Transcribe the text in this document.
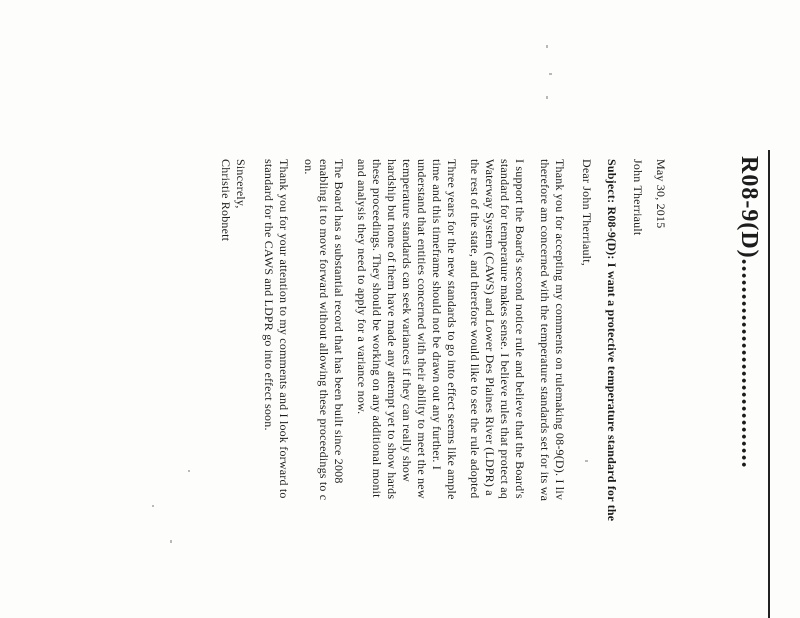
R08-9(D)..............................
May 30, 2015
John Therriault
Subject: R08-9(D): I want a protective temperature standard for the
Dear John Therriault,
Thank you for accepting my comments on rulemaking 08-9(D). I liv
therefore am concerned with the temperature standards set for its wa
I support the Board's second notice rule and believe that the Board's
standard for temperature makes sense. I believe rules that protect aq
Waterway System (CAWS) and Lower Des Plaines River (LDPR) a
the rest of the state, and therefore would like to see the rule adopted
Three years for the new standards to go into effect seems like ample
time and this timeframe should not be drawn out any further. I
understand that entities concerned with their ability to meet the new
temperature standards can seek variances if they can really show
hardship but none of them have made any attempt yet to show hards
these proceedings. They should be working on any additional monit
and analysis they need to apply for a variance now.
The Board has a substantial record that has been built since 2008
enabling it to move forward without allowing these proceedings to c
on.
Thank you for your attention to my comments and I look forward to
standard for the CAWS and LDPR go into effect soon.
Sincerely,
Christie Robnett
